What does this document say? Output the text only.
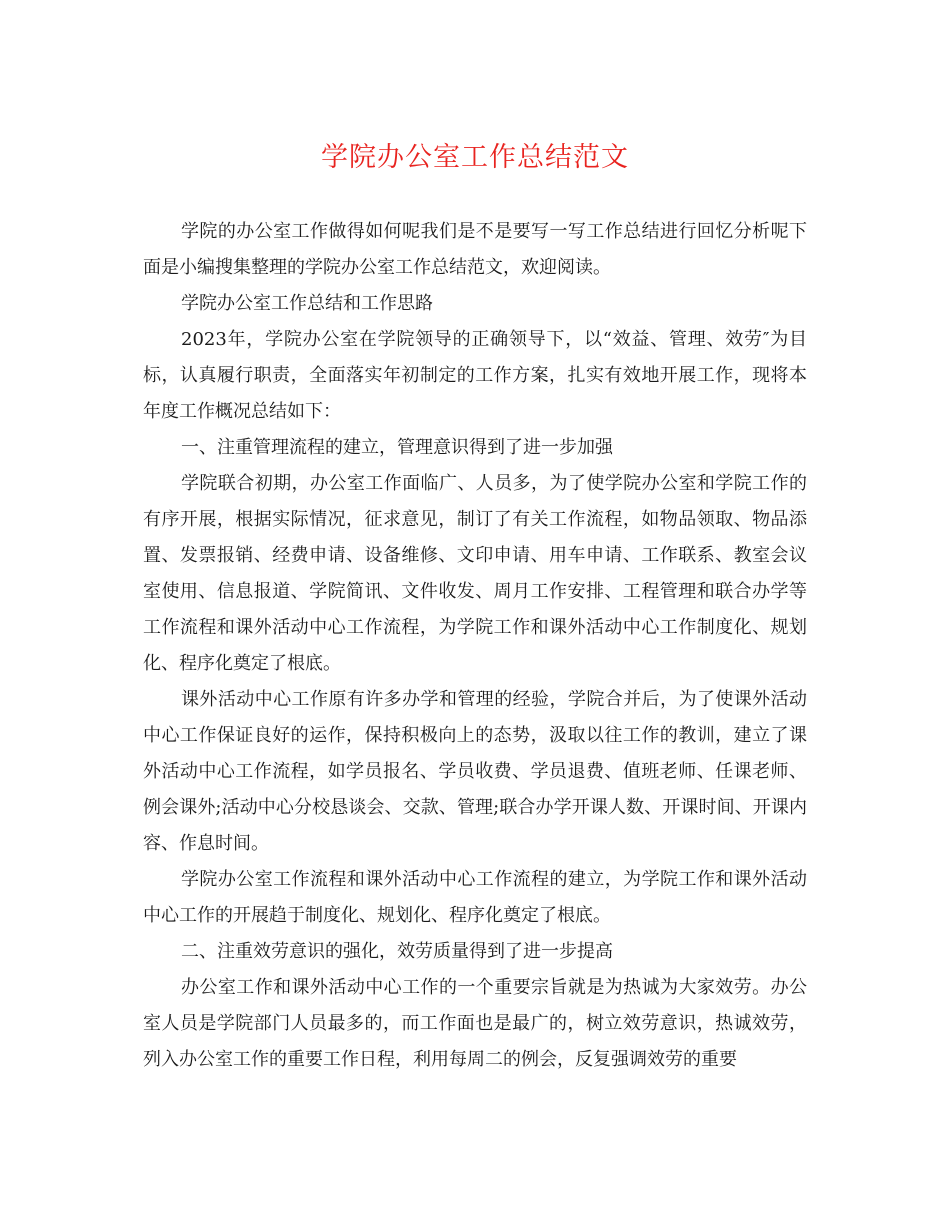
学院办公室工作总结范文

学院的办公室工作做得如何呢我们是不是要写一写工作总结进行回忆分析呢下面是小编搜集整理的学院办公室工作总结范文，欢迎阅读。

学院办公室工作总结和工作思路

2023年，学院办公室在学院领导的正确领导下，以“效益、管理、效劳″为目标，认真履行职责，全面落实年初制定的工作方案，扎实有效地开展工作，现将本年度工作概况总结如下：

一、注重管理流程的建立，管理意识得到了进一步加强

学院联合初期，办公室工作面临广、人员多，为了使学院办公室和学院工作的有序开展，根据实际情况，征求意见，制订了有关工作流程，如物品领取、物品添置、发票报销、经费申请、设备维修、文印申请、用车申请、工作联系、教室会议室使用、信息报道、学院简讯、文件收发、周月工作安排、工程管理和联合办学等工作流程和课外活动中心工作流程，为学院工作和课外活动中心工作制度化、规划化、程序化奠定了根底。

课外活动中心工作原有许多办学和管理的经验，学院合并后，为了使课外活动中心工作保证良好的运作，保持积极向上的态势，汲取以往工作的教训，建立了课外活动中心工作流程，如学员报名、学员收费、学员退费、值班老师、任课老师、例会课外;活动中心分校恳谈会、交款、管理;联合办学开课人数、开课时间、开课内容、作息时间。

学院办公室工作流程和课外活动中心工作流程的建立，为学院工作和课外活动中心工作的开展趋于制度化、规划化、程序化奠定了根底。

二、注重效劳意识的强化，效劳质量得到了进一步提高

办公室工作和课外活动中心工作的一个重要宗旨就是为热诚为大家效劳。办公室人员是学院部门人员最多的，而工作面也是最广的，树立效劳意识，热诚效劳，列入办公室工作的重要工作日程，利用每周二的例会，反复强调效劳的重要
